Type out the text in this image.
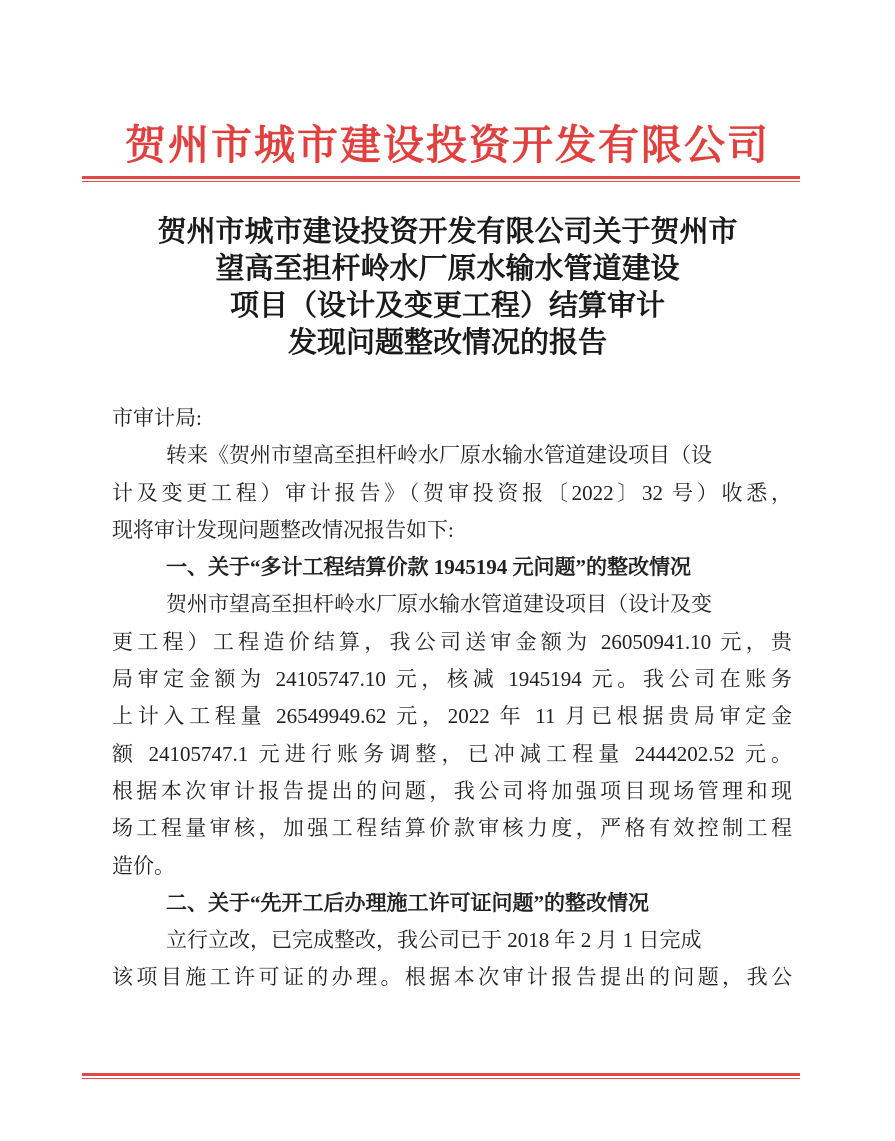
贺州市城市建设投资开发有限公司
贺州市城市建设投资开发有限公司关于贺州市
望高至担杆岭水厂原水输水管道建设
项目（设计及变更工程）结算审计
发现问题整改情况的报告
市审计局:
转来《贺州市望高至担杆岭水厂原水输水管道建设项目（设
计及变更工程）审计报告》（贺审投资报〔2022〕32 号）收悉，
现将审计发现问题整改情况报告如下:
一、关于“多计工程结算价款 1945194 元问题”的整改情况
贺州市望高至担杆岭水厂原水输水管道建设项目（设计及变
更工程）工程造价结算，我公司送审金额为 26050941.10 元，贵
局审定金额为 24105747.10 元，核减 1945194 元。我公司在账务
上计入工程量 26549949.62 元，2022 年 11 月已根据贵局审定金
额 24105747.1 元进行账务调整，已冲减工程量 2444202.52 元。
根据本次审计报告提出的问题，我公司将加强项目现场管理和现
场工程量审核，加强工程结算价款审核力度，严格有效控制工程
造价。
二、关于“先开工后办理施工许可证问题”的整改情况
立行立改，已完成整改，我公司已于 2018 年 2 月 1 日完成
该项目施工许可证的办理。根据本次审计报告提出的问题，我公
